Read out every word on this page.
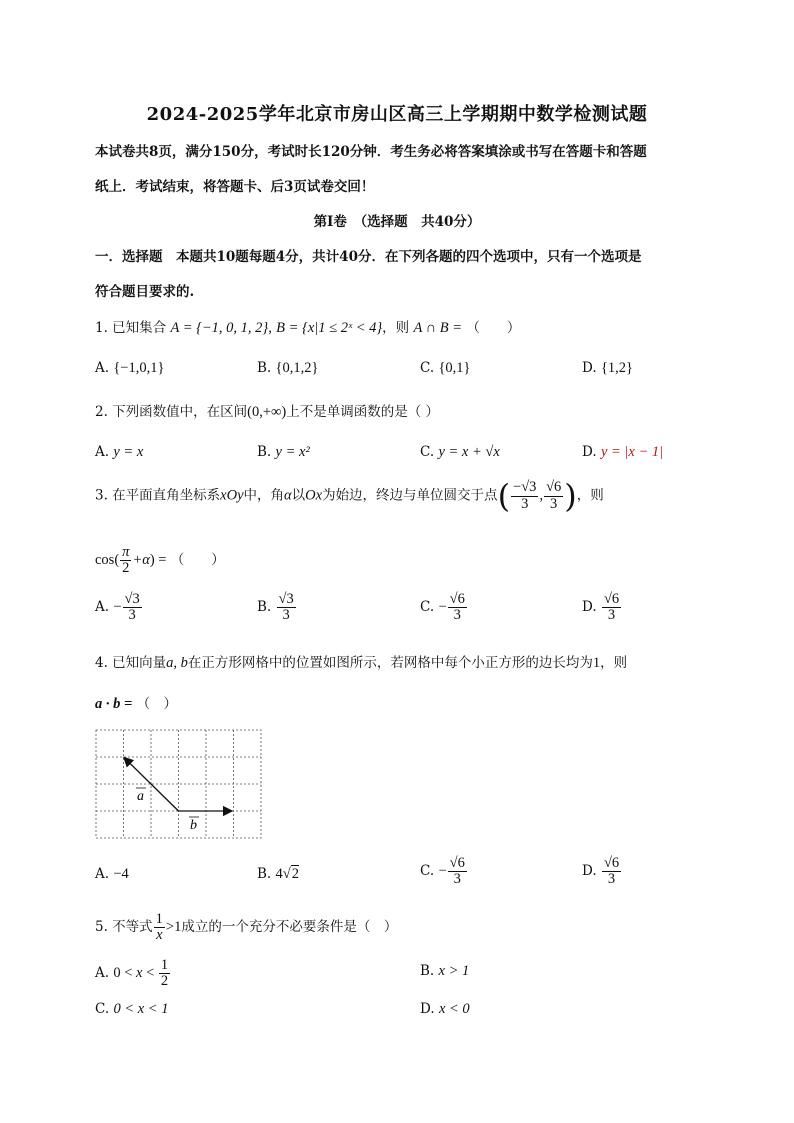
2024-2025学年北京市房山区高三上学期期中数学检测试题
本试卷共8页，满分150分，考试时长120分钟．考生务必将答案填涂或书写在答题卡和答题
纸上．考试结束，将答题卡、后3页试卷交回！
第Ⅰ卷　（选择题　共40分）
一．选择题　本题共10题每题4分，共计40分．在下列各题的四个选项中，只有一个选项是
符合题目要求的.
1. 已知集合 A = {−1, 0, 1, 2}, B = {x|1 ≤ 2ˣ < 4}，则 A ∩ B = （　　）
A. {−1,0,1}	B. {0,1,2}	C. {0,1}	D. {1,2}
2. 下列函数值中，在区间(0,+∞)上不是单调函数的是（ ）
A. y = x	B. y = x²	C. y = x + √x	D. y = |x − 1|
3. 在平面直角坐标系xOy中，角α以Ox为始边，终边与单位圆交于点( $\frac{-√3}{3}$ , $\frac{√6}{3}$ )，则
$\cos( \frac{\pi}{2} +\alpha)$ = （　　）
A. − $\frac{√3}{3}$	B. $\frac{√3}{3}$	C. − $\frac{√6}{3}$	D. $\frac{√6}{3}$
4. 已知向量a, b在正方形网格中的位置如图所示，若网格中每个小正方形的边长均为1，则
a · b = （　）
a
b
A. −4	B. 4√2	C. − $\frac{√6}{3}$	D. $\frac{√6}{3}$
5. 不等式 $\frac{1}{x} >1$成立的一个充分不必要条件是（　）
A. $0 < x < \frac{1}{2}$	B. x > 1
C. 0 < x < 1	D. x < 0
